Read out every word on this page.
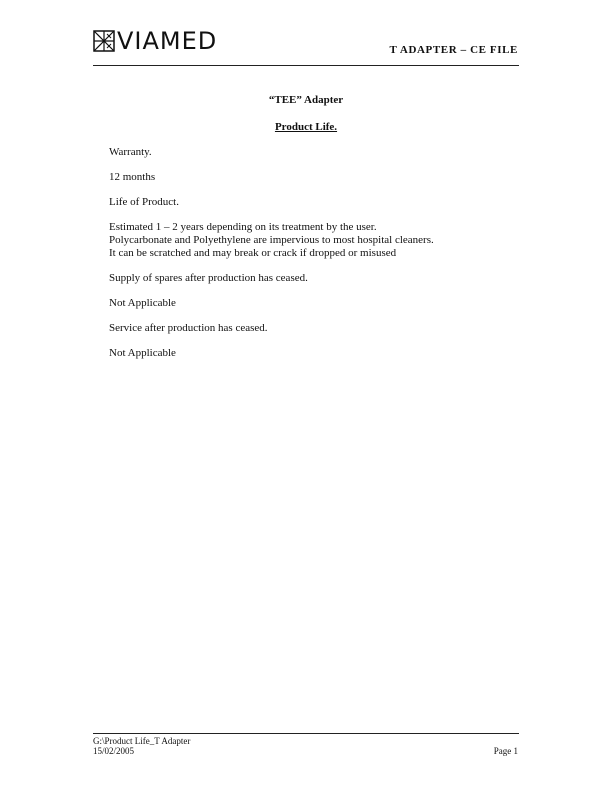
VIAMED	T ADAPTER – CE FILE
“TEE” Adapter
Product Life.
Warranty.
12 months
Life of Product.
Estimated 1 – 2 years depending on its treatment by the user.
Polycarbonate and Polyethylene are impervious to most hospital cleaners.
It can be scratched and may break or crack if dropped or misused
Supply of spares after production has ceased.
Not Applicable
Service after production has ceased.
Not Applicable
G:\Product Life_T Adapter
15/02/2005	Page 1
